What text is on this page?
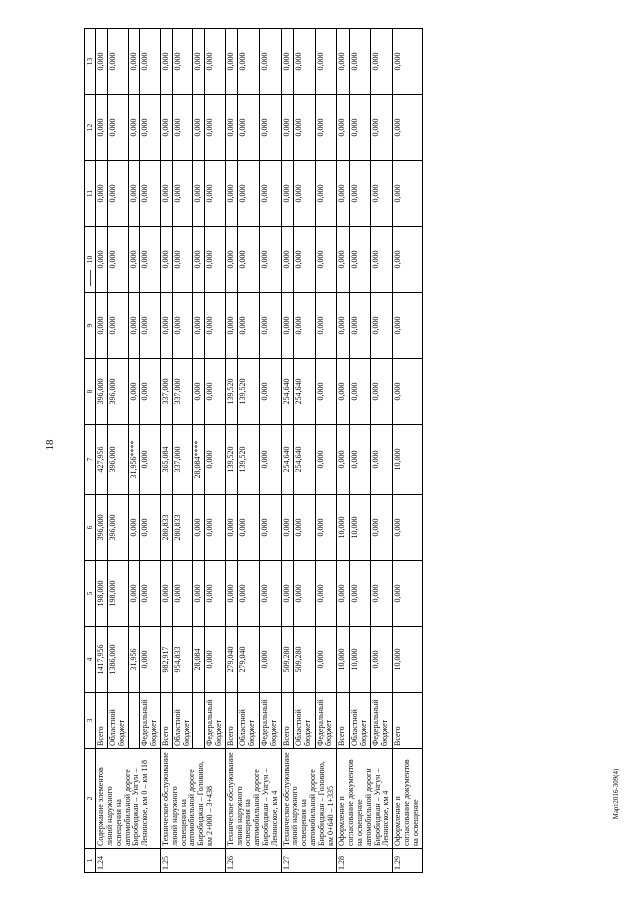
18
Март2016-309(4)
1	2	3	4	5	6	7	8	9	10	11	12	13
1.24	Содержание элементов линий наружного освещения на автомобильной дороге Биробиджан – Унгун – Ленинское, км 0 – км 118	Всего	1417,956	198,000	396,000	427,956	396,000	0,000	0,000	0,000	0,000	0,000
		Областной бюджет	1386,000	198,000	396,000	396,000	396,000	0,000	0,000	0,000	0,000	0,000
			31,956	0,000	0,000	31,956****	0,000	0,000	0,000	0,000	0,000	0,000
		Федеральный бюджет	0,000	0,000	0,000	0,000	0,000	0,000	0,000	0,000	0,000	0,000
1.25	Техническое обслуживание линий наружного освещения на автомобильной дороге Биробиджан – Головино, км 2+000 – 3+438	Всего	982,917	0,000	280,833	365,084	337,000	0,000	0,000	0,000	0,000	0,000
		Областной бюджет	954,833	0,000	280,833	337,000	337,000	0,000	0,000	0,000	0,000	0,000
			28,084	0,000	0,000	28,084****	0,000	0,000	0,000	0,000	0,000	0,000
		Федеральный бюджет	0,000	0,000	0,000	0,000	0,000	0,000	0,000	0,000	0,000	0,000
1.26	Техническое обслуживание линий наружного освещения на автомобильной дороге Биробиджан – Унгун – Ленинское, км 4	Всего	279,040	0,000	0,000	139,520	139,520	0,000	0,000	0,000	0,000	0,000
		Областной бюджет	279,040	0,000	0,000	139,520	139,520	0,000	0,000	0,000	0,000	0,000
		Федеральный бюджет	0,000	0,000	0,000	0,000	0,000	0,000	0,000	0,000	0,000	0,000
1.27	Техническое обслуживание линий наружного освещения на автомобильной дороге Биробиджан – Головино, км 0+640 – 1+335	Всего	509,280	0,000	0,000	254,640	254,640	0,000	0,000	0,000	0,000	0,000
		Областной бюджет	509,280	0,000	0,000	254,640	254,640	0,000	0,000	0,000	0,000	0,000
		Федеральный бюджет	0,000	0,000	0,000	0,000	0,000	0,000	0,000	0,000	0,000	0,000
1.28	Оформление и согласование документов на освещение автомобильной дороги Биробиджан – Унгун – Ленинское, км 4	Всего	10,000	0,000	10,000	0,000	0,000	0,000	0,000	0,000	0,000	0,000
		Областной бюджет	10,000	0,000	10,000	0,000	0,000	0,000	0,000	0,000	0,000	0,000
		Федеральный бюджет	0,000	0,000	0,000	0,000	0,000	0,000	0,000	0,000	0,000	0,000
1.29	Оформление и согласование документов на освещение	Всего	10,000	0,000	0,000	10,000	0,000	0,000	0,000	0,000	0,000	0,000
